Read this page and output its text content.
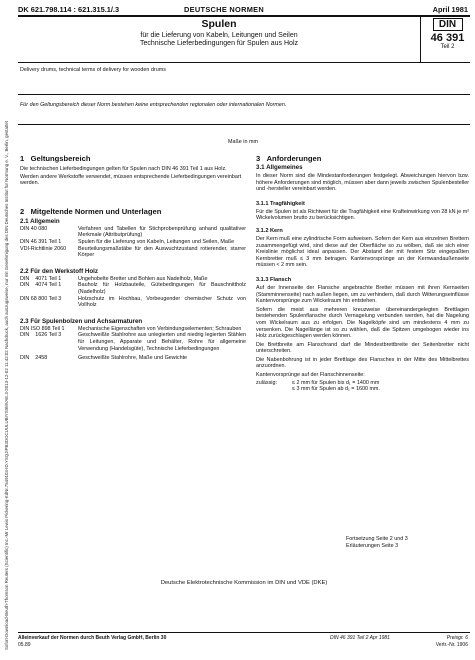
Sofort-Download-Beuth-Thomson Reuters (Scientific) Inc.-Mr Lewis Pickering-KdNr.7549103-ID.YSQJIPB3DOCUULUBIYS9MVAE.3-2013-12-02 11:42:02 Nachdruck, auch auszugsweise, nur mit Genehmigung des DIN Deutsches Institut für Normung e. V., Berlin, gestattet
DK 621.798.114 : 621.315.1/.3	DEUTSCHE NORMEN	April 1981
Spulen
für die Lieferung von Kabeln, Leitungen und Seilen
Technische Lieferbedingungen für Spulen aus Holz
DIN
46 391
Teil 2
Delivery drums, technical terms of delivery for wooden drums
Für den Geltungsbereich dieser Norm bestehen keine entsprechenden regionalen oder internationalen Normen.
Maße in mm
1 Geltungsbereich
Die technischen Lieferbedingungen gelten für Spulen nach DIN 46 391 Teil 1 aus Holz.
Werden andere Werkstoffe verwendet, müssen entsprechende Lieferbedingungen vereinbart werden.
2 Mitgeltende Normen und Unterlagen
2.1 Allgemein
DIN 40 080	Verfahren und Tabellen für Stichprobenprüfung anhand qualitativer Merkmale (Attributprüfung)
DIN 46 391 Teil 1	Spulen für die Lieferung von Kabeln, Leitungen und Seilen, Maße
VDI-Richtlinie 2060	Beurteilungsmaßstäbe für den Auswuchtzustand rotierender, starrer Körper
2.2 Für den Werkstoff Holz
DIN    4071 Teil 1	Ungehobelte Bretter und Bohlen aus Nadelholz, Maße
DIN    4074 Teil 1	Bauholz für Holzbauteile, Gütebedingungen für Bauschnittholz (Nadelholz)
DIN 68 800 Teil 3	Holzschutz im Hochbau, Vorbeugender chemischer Schutz von Vollholz
2.3 Für Spulenbolzen und Achsarmaturen
DIN ISO 898 Teil 1	Mechanische Eigenschaften von Verbindungselementen; Schrauben
DIN    1626 Teil 3	Geschweißte Stahlrohre aus unlegierten und niedrig legierten Stählen für Leitungen, Apparate und Behälter, Rohre für allgemeine Verwendung (Handelsgüte), Technische Lieferbedingungen
DIN    2458	Geschweißte Stahlrohre, Maße und Gewichte
3 Anforderungen
3.1 Allgemeines
In dieser Norm sind die Mindestanforderungen festgelegt. Abweichungen hiervon bzw. höhere Anforderungen sind möglich, müssen aber dann jeweils zwischen Spulenbesteller und -hersteller vereinbart werden.
3.1.1 Tragfähigkeit
Für die Spulen ist als Richtwert für die Tragfähigkeit eine Krafteinwirkung von 28 kN je m² Wickelvolumen brutto zu berücksichtigen.
3.1.2 Kern
Der Kern muß eine zylindrische Form aufweisen. Sofern der Kern aus einzelnen Brettern zusammengefügt wird, sind diese auf der Oberfläche so zu wölben, daß sie sich einer Kreislinie möglichst ideal anpassen. Der Abstand der mit festem Sitz eingepaßten Kernbretter muß ≤ 3 mm betragen. Kantenvorsprünge an der Kernwandaußenseite müssen < 2 mm sein.
3.1.3 Flansch
Auf der Innenseite der Flansche angebrachte Bretter müssen mit ihren Kernseiten (Stamminnenseite) nach außen liegen, um zu verhindern, daß durch Witterungseinflüsse Kantenvorsprünge zum Wickelraum hin entstehen.
Sofern die meist aus mehreren kreuzweise übereinandergelegten Brettlagen bestehenden Spulenflansche durch Vernagelung verbunden werden, hat die Nagelung vom Wickelraum aus zu erfolgen. Die Nagelköpfe sind um mindestens 4 mm zu versenken. Die Nagellänge ist so zu wählen, daß die Spitzen umgebogen wieder ins Holz zurückgeschlagen werden können.
Die Brettbreite am Flanschrand darf die Mindestbrettbreite der Seitenbretter nicht unterschreiten.
Die Nabenbohrung ist in jeder Brettlage des Flansches in der Mitte des Mittelbrettes anzuordnen.
Kantenvorsprünge auf der Flanschinnenseite:
zulässig:	≤ 2 mm für Spulen bis d₁ = 1400 mm
≤ 3 mm für Spulen ab d₁ = 1600 mm.
Fortsetzung Seite 2 und 3
Erläuterungen Seite 3
Deutsche Elektrotechnische Kommission im DIN und VDE (DKE)
Alleinverkauf der Normen durch Beuth Verlag GmbH, Berlin 30
05.89
DIN 46 391 Teil 2 Apr 1981	Preisgr. 6
Vertr.-Nr. 1906
